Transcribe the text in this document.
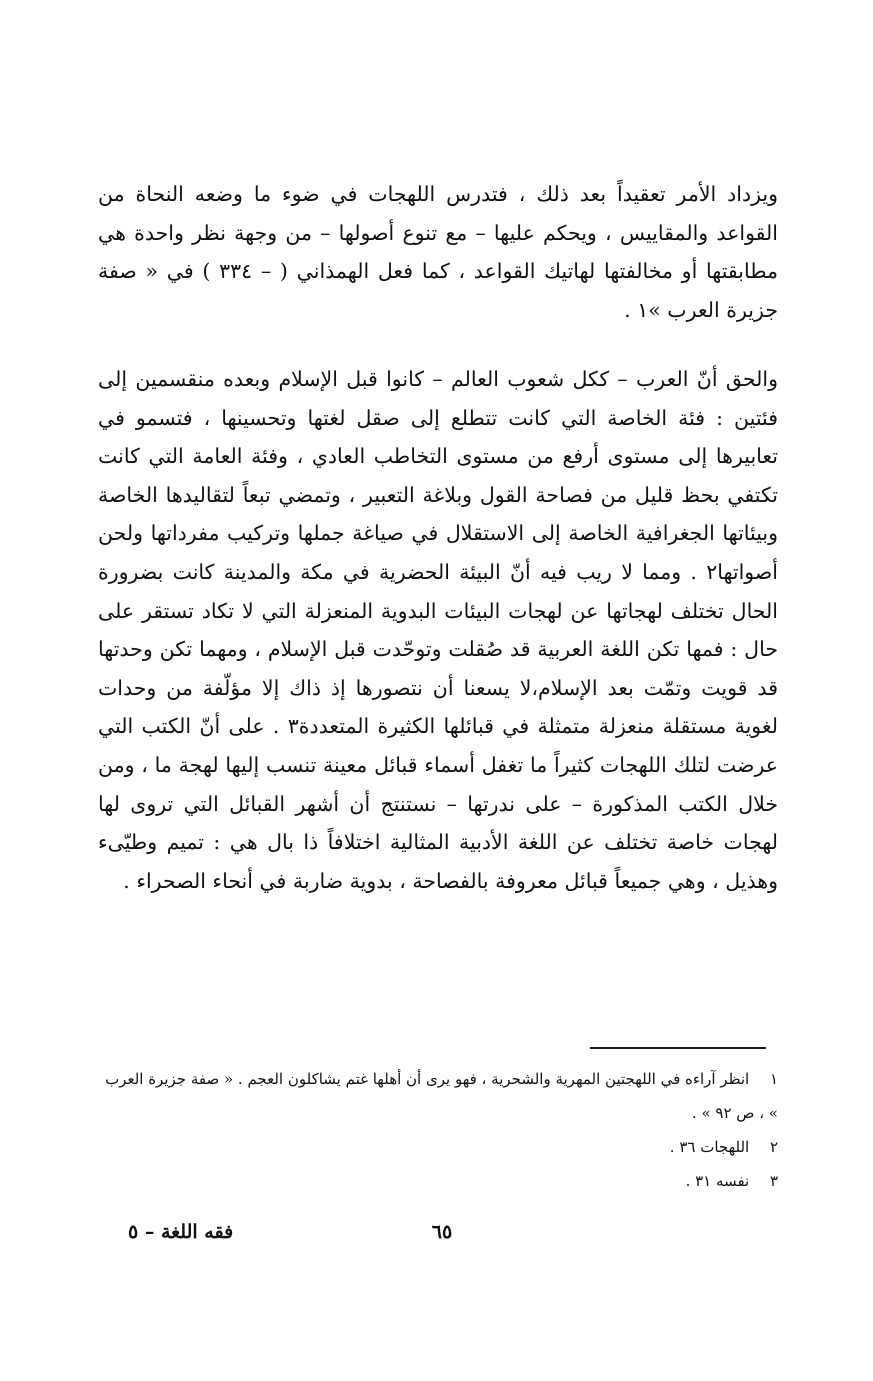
ويزداد الأمر تعقيداً بعد ذلك ، فتدرس اللهجات في ضوء ما وضعه النحاة من القواعد والمقاييس ، ويحكم عليها – مع تنوع أصولها – من وجهة نظر واحدة هي مطابقتها أو مخالفتها لهاتيك القواعد ، كما فعل الهمذاني ( – ٣٣٤ ) في « صفة جزيرة العرب »١ .

والحق أنّ العرب – ككل شعوب العالم – كانوا قبل الإسلام وبعده منقسمين إلى فئتين : فئة الخاصة التي كانت تتطلع إلى صقل لغتها وتحسينها ، فتسمو في تعابيرها إلى مستوى أرفع من مستوى التخاطب العادي ، وفئة العامة التي كانت تكتفي بحظ قليل من فصاحة القول وبلاغة التعبير ، وتمضي تبعاً لتقاليدها الخاصة وبيئاتها الجغرافية الخاصة إلى الاستقلال في صياغة جملها وتركيب مفرداتها ولحن أصواتها٢ . ومما لا ريب فيه أنّ البيئة الحضرية في مكة والمدينة كانت بضرورة الحال تختلف لهجاتها عن لهجات البيئات البدوية المنعزلة التي لا تكاد تستقر على حال : فمها تكن اللغة العربية قد صُقلت وتوحّدت قبل الإسلام ، ومهما تكن وحدتها قد قويت وتمّت بعد الإسلام،لا يسعنا أن نتصورها إذ ذاك إلا مؤلّفة من وحدات لغوية مستقلة منعزلة متمثلة في قبائلها الكثيرة المتعددة٣ . على أنّ الكتب التي عرضت لتلك اللهجات كثيراً ما تغفل أسماء قبائل معينة تنسب إليها لهجة ما ، ومن خلال الكتب المذكورة – على ندرتها – نستنتج أن أشهر القبائل التي تروى لها لهجات خاصة تختلف عن اللغة الأدبية المثالية اختلافاً ذا بال هي : تميم وطيّىء وهذيل ، وهي جميعاً قبائل معروفة بالفصاحة ، بدوية ضاربة في أنحاء الصحراء .

١ انظر آراءه في اللهجتين المهرية والشحرية ، فهو يرى أن أهلها غتم يشاكلون العجم . « صفة جزيرة العرب » ، ص ٩٢ » .

٢ اللهجات ٣٦ .

٣ نفسه ٣١ .

٦٥
فقه اللغة – ٥
